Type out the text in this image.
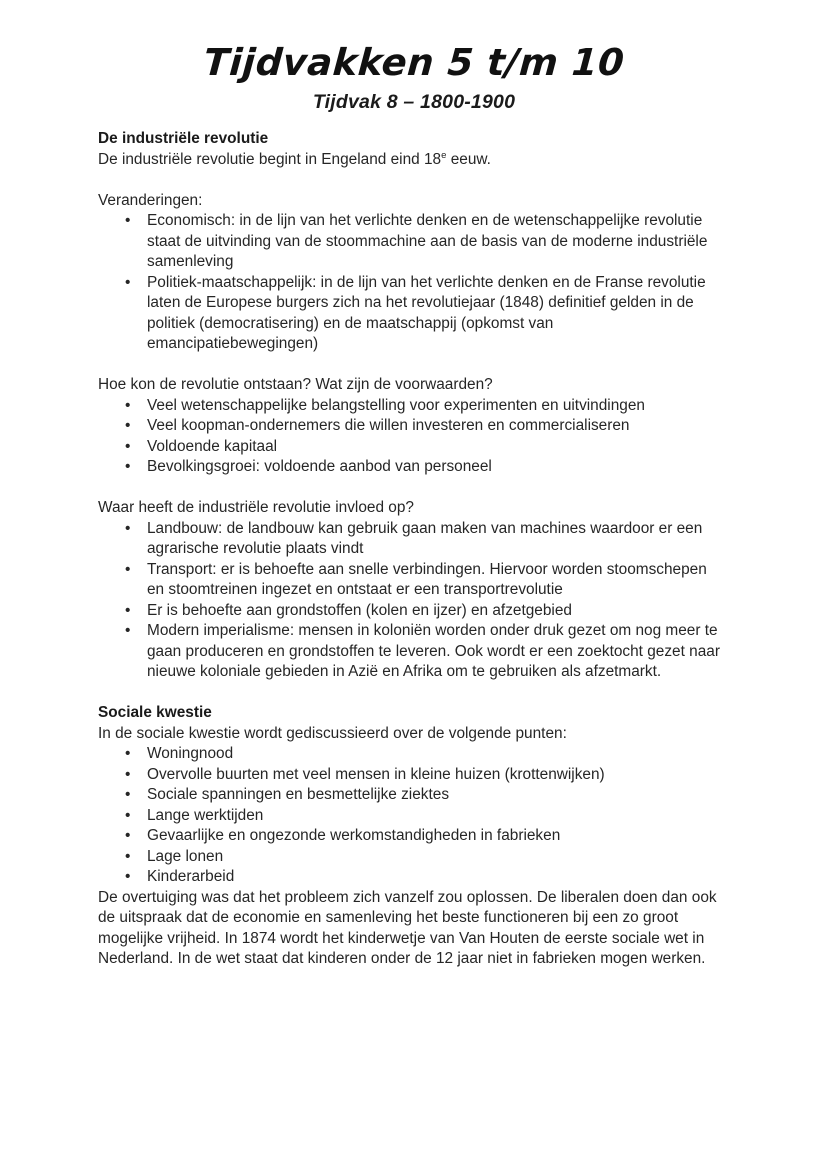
Tijdvakken 5 t/m 10
Tijdvak 8 – 1800-1900
De industriële revolutie

De industriële revolutie begint in Engeland eind 18e eeuw.

Veranderingen:

• Economisch: in de lijn van het verlichte denken en de wetenschappelijke revolutie staat de uitvinding van de stoommachine aan de basis van de moderne industriële samenleving
• Politiek-maatschappelijk: in de lijn van het verlichte denken en de Franse revolutie laten de Europese burgers zich na het revolutiejaar (1848) definitief gelden in de politiek (democratisering) en de maatschappij (opkomst van emancipatiebewegingen)

Hoe kon de revolutie ontstaan? Wat zijn de voorwaarden?

• Veel wetenschappelijke belangstelling voor experimenten en uitvindingen
• Veel koopman-ondernemers die willen investeren en commercialiseren
• Voldoende kapitaal
• Bevolkingsgroei: voldoende aanbod van personeel

Waar heeft de industriële revolutie invloed op?

• Landbouw: de landbouw kan gebruik gaan maken van machines waardoor er een agrarische revolutie plaats vindt
• Transport: er is behoefte aan snelle verbindingen. Hiervoor worden stoomschepen en stoomtreinen ingezet en ontstaat er een transportrevolutie
• Er is behoefte aan grondstoffen (kolen en ijzer) en afzetgebied
• Modern imperialisme: mensen in koloniën worden onder druk gezet om nog meer te gaan produceren en grondstoffen te leveren. Ook wordt er een zoektocht gezet naar nieuwe koloniale gebieden in Azië en Afrika om te gebruiken als afzetmarkt.
Sociale kwestie

In de sociale kwestie wordt gediscussieerd over de volgende punten:

• Woningnood
• Overvolle buurten met veel mensen in kleine huizen (krottenwijken)
• Sociale spanningen en besmettelijke ziektes
• Lange werktijden
• Gevaarlijke en ongezonde werkomstandigheden in fabrieken
• Lage lonen
• Kinderarbeid

De overtuiging was dat het probleem zich vanzelf zou oplossen. De liberalen doen dan ook de uitspraak dat de economie en samenleving het beste functioneren bij een zo groot mogelijke vrijheid. In 1874 wordt het kinderwetje van Van Houten de eerste sociale wet in Nederland. In de wet staat dat kinderen onder de 12 jaar niet in fabrieken mogen werken.
